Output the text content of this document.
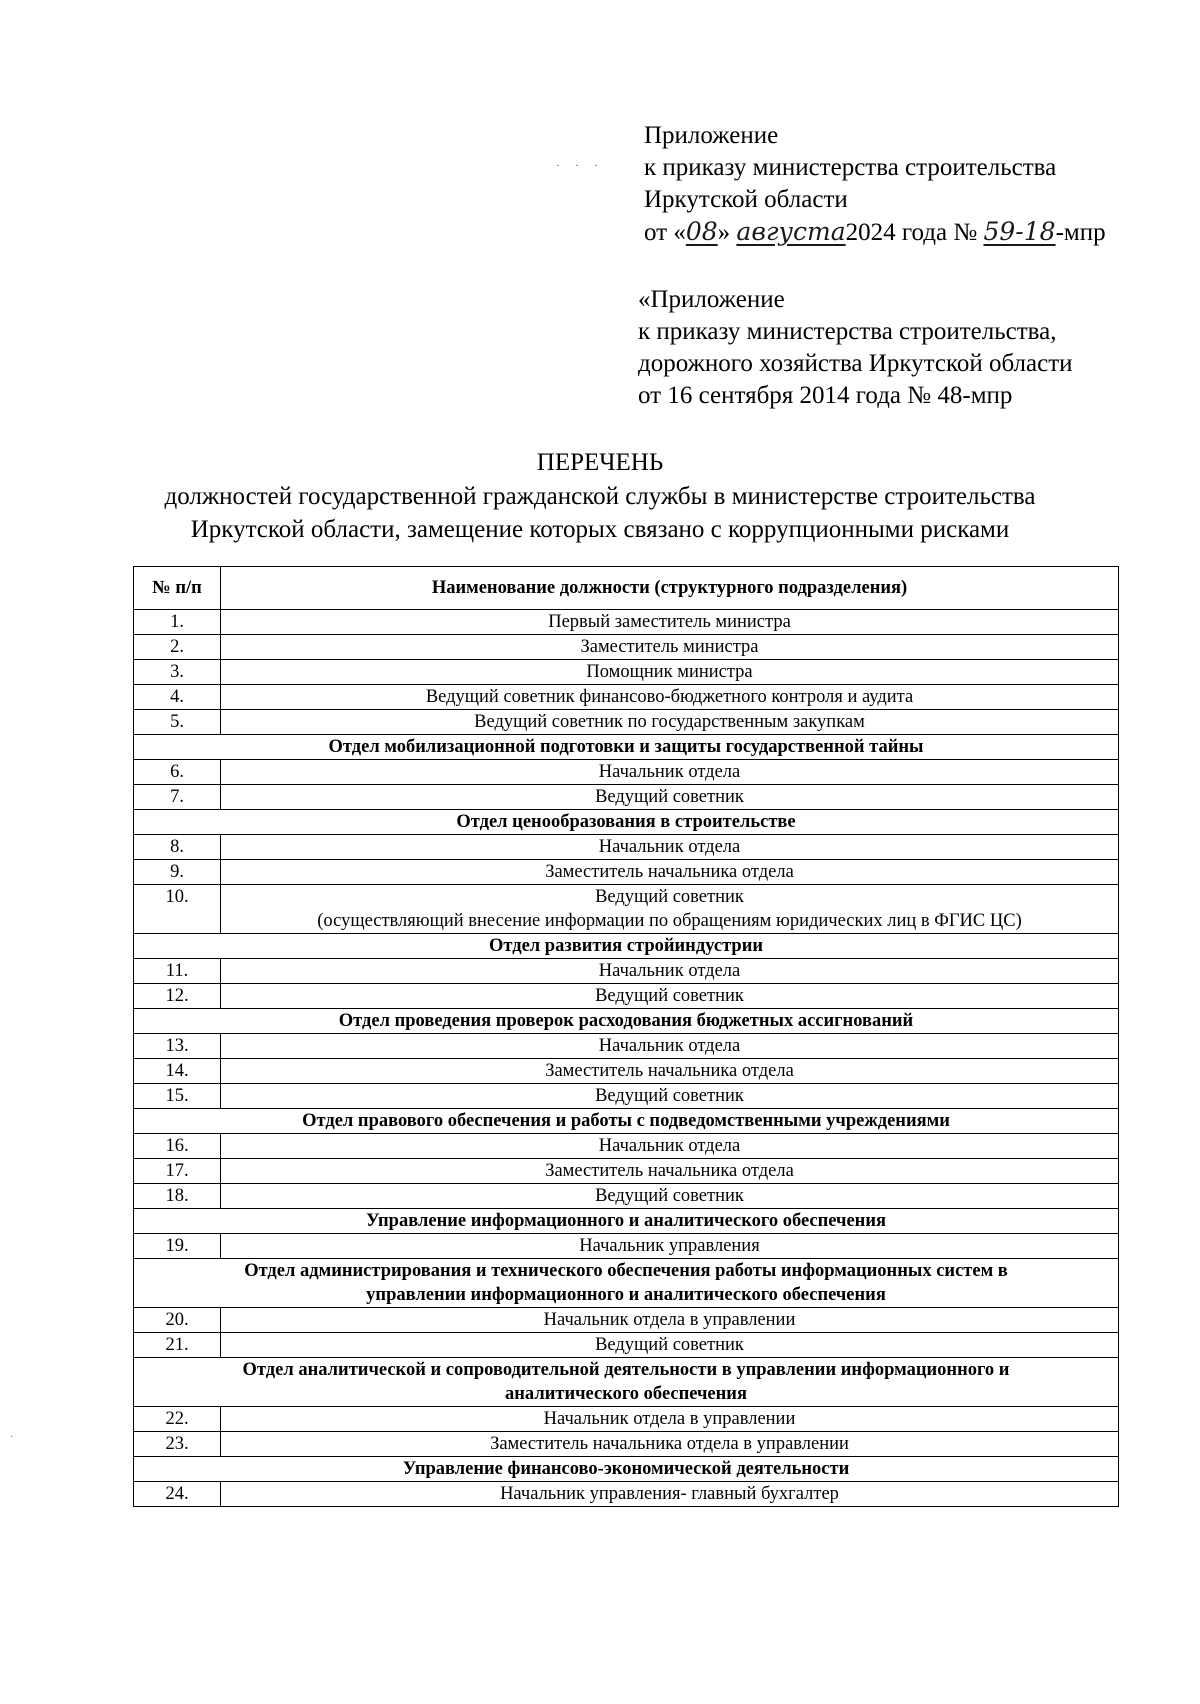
· · ·
Приложение
к приказу министерства строительства
Иркутской области
от «08» августа2024 года № 59-18-мпр
«Приложение
к приказу министерства строительства,
дорожного хозяйства Иркутской области
от 16 сентября 2014 года № 48-мпр
ПЕРЕЧЕНЬ
должностей государственной гражданской службы в министерстве строительства
Иркутской области, замещение которых связано с коррупционными рисками
№ п/п	Наименование должности (структурного подразделения)
1.	Первый заместитель министра

2.	Заместитель министра

3.	Помощник министра

4.	Ведущий советник финансово-бюджетного контроля и аудита

5.	Ведущий советник по государственным закупкам

Отдел мобилизационной подготовки и защиты государственной тайны	

6.	Начальник отдела

7.	Ведущий советник

Отдел ценообразования в строительстве	

8.	Начальник отдела

9.	Заместитель начальника отдела

10.	Ведущий советник
(осуществляющий внесение информации по обращениям юридических лиц в ФГИС ЦС)

Отдел развития стройиндустрии	

11.	Начальник отдела

12.	Ведущий советник

Отдел проведения проверок расходования бюджетных ассигнований	

13.	Начальник отдела

14.	Заместитель начальника отдела

15.	Ведущий советник

Отдел правового обеспечения и работы с подведомственными учреждениями	

16.	Начальник отдела

17.	Заместитель начальника отдела

18.	Ведущий советник

Управление информационного и аналитического обеспечения	

19.	Начальник управления

Отдел администрирования и технического обеспечения работы информационных систем в
управлении информационного и аналитического обеспечения	

20.	Начальник отдела в управлении

21.	Ведущий советник

Отдел аналитической и сопроводительной деятельности в управлении информационного и
аналитического обеспечения	

22.	Начальник отдела в управлении

23.	Заместитель начальника отдела в управлении

Управление финансово-экономической деятельности	

24.	Начальник управления- главный бухгалтер
·
